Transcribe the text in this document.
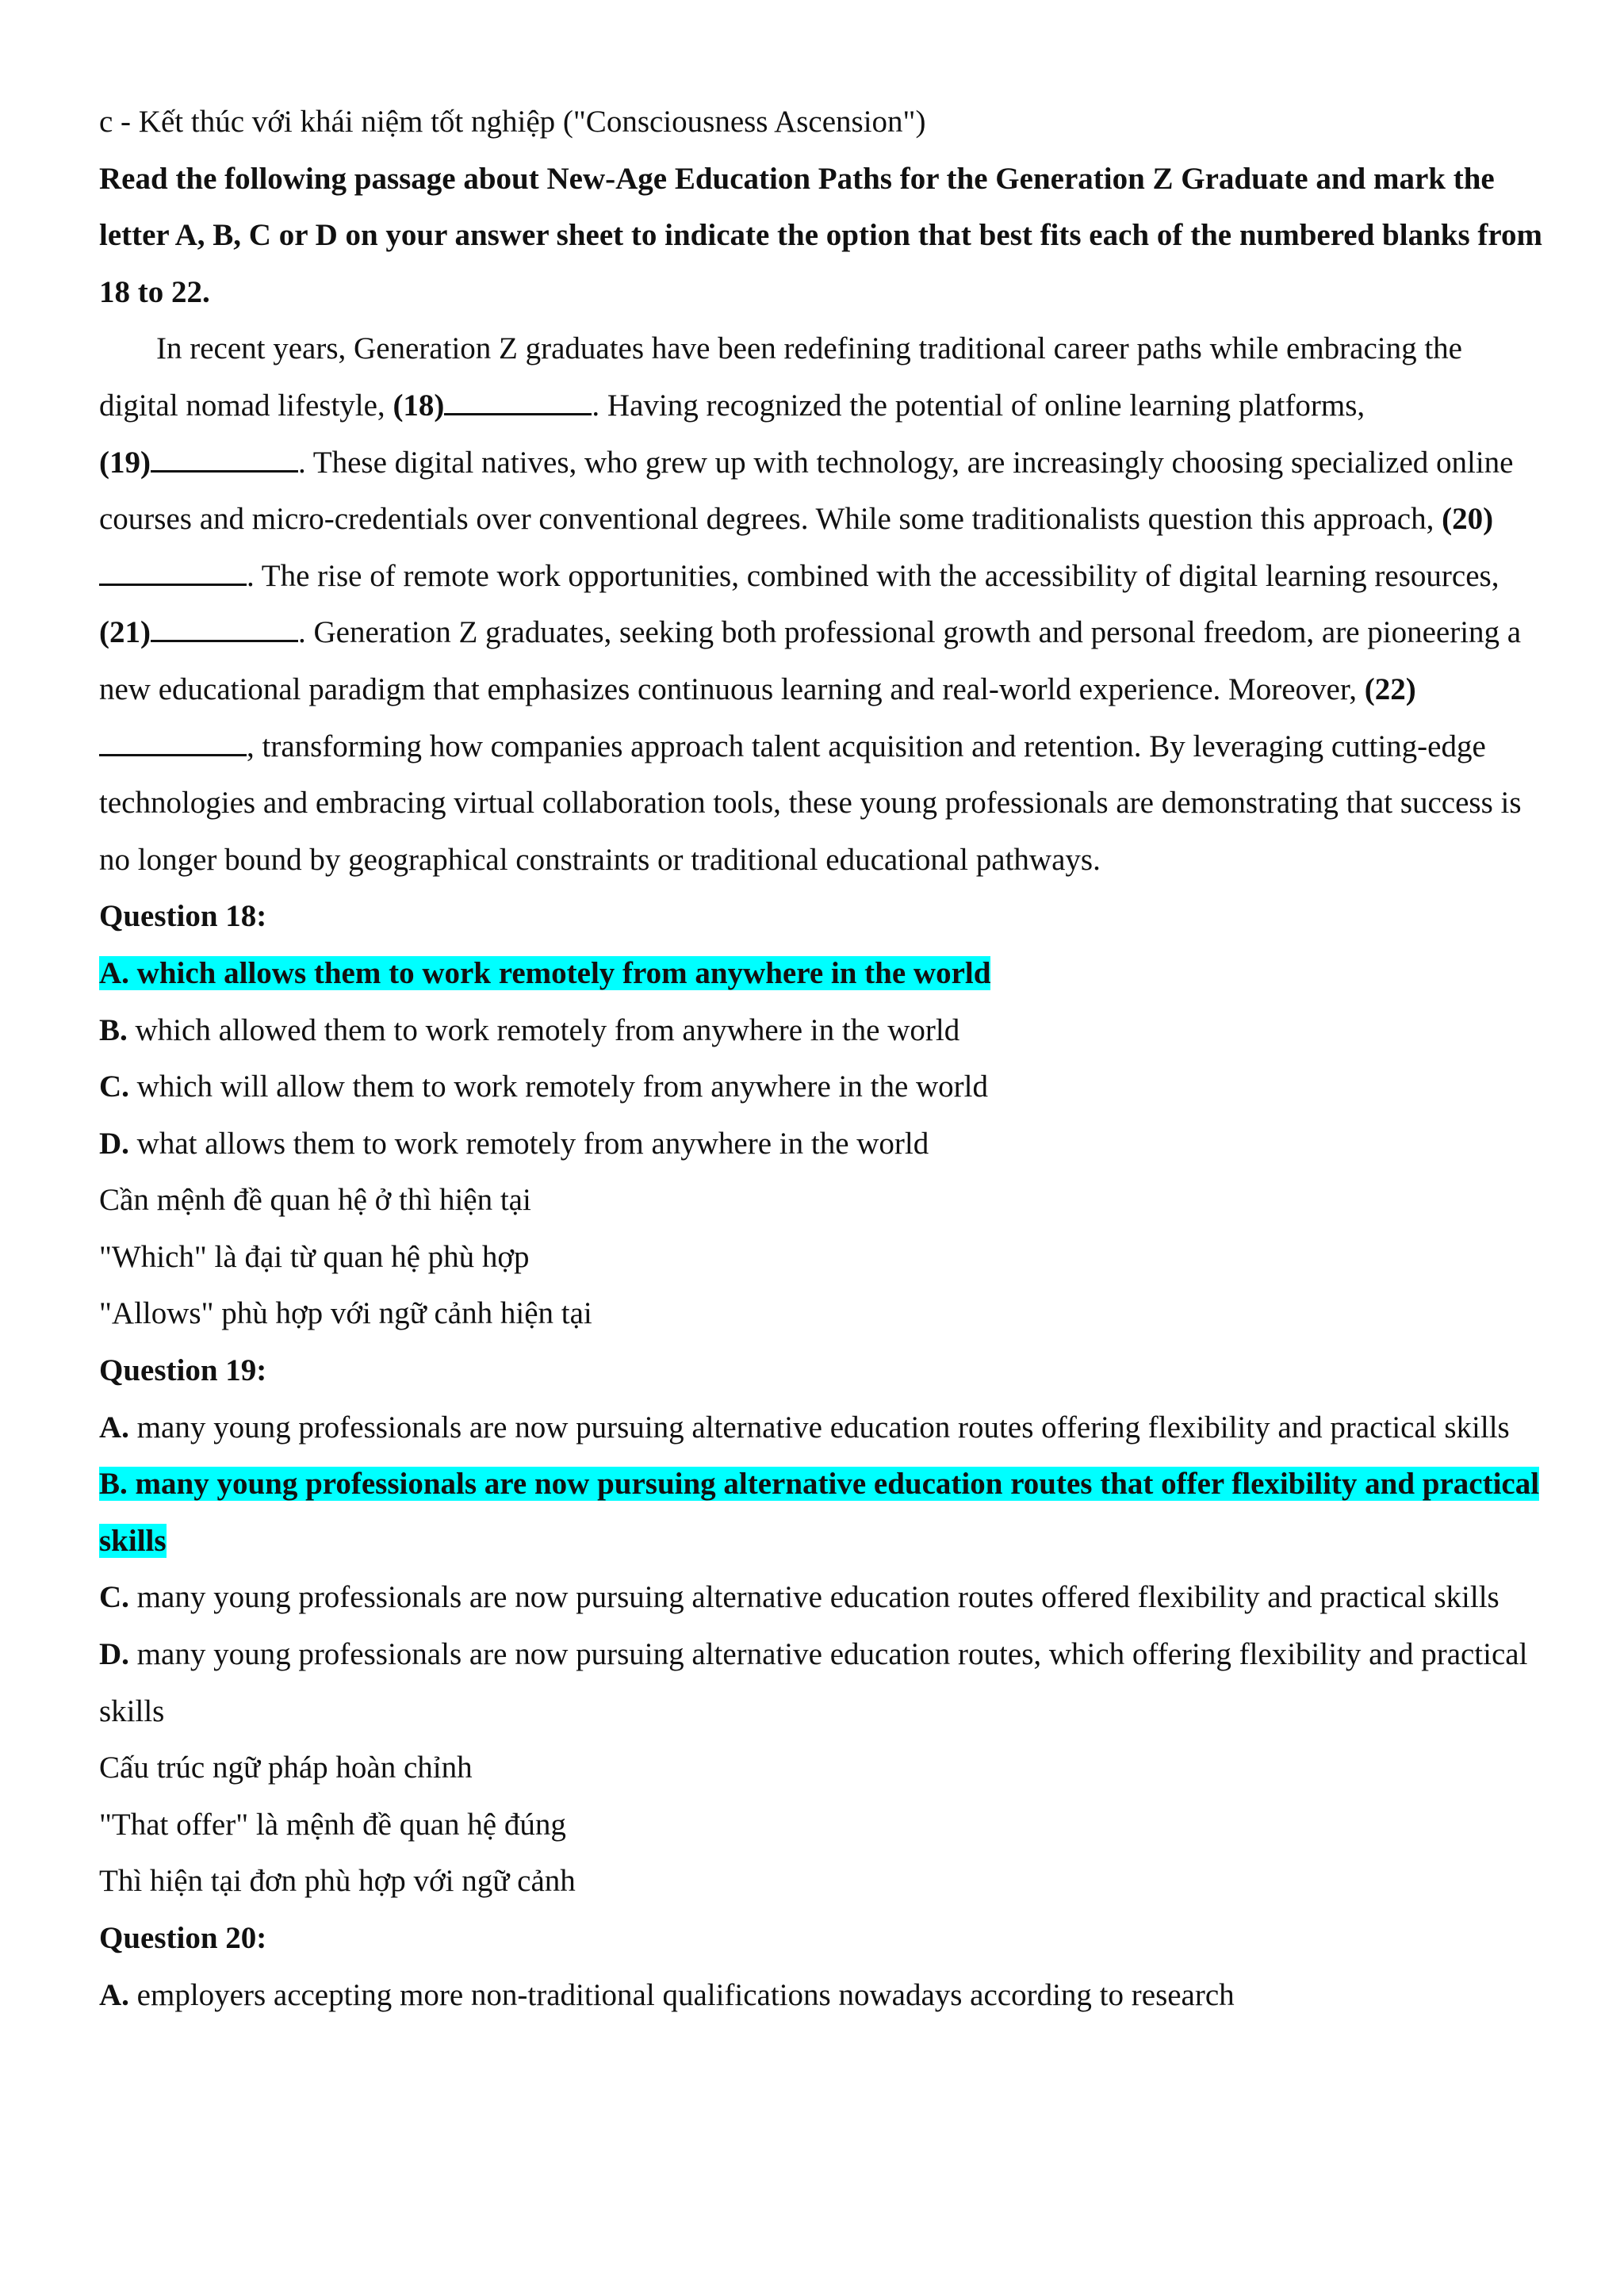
c - Kết thúc với khái niệm tốt nghiệp ("Consciousness Ascension")

Read the following passage about New-Age Education Paths for the Generation Z Graduate and mark the letter A, B, C or D on your answer sheet to indicate the option that best fits each of the numbered blanks from 18 to 22.

In recent years, Generation Z graduates have been redefining traditional career paths while embracing the digital nomad lifestyle, (18)	. Having recognized the potential of online learning platforms,
(19)	. These digital natives, who grew up with technology, are increasingly choosing specialized online courses and micro-credentials over conventional degrees. While some traditionalists question this approach, (20). The rise of remote work opportunities, combined with the accessibility of digital learning resources, (21)	. Generation Z graduates, seeking both professional growth and personal freedom, are pioneering a new educational paradigm that emphasizes continuous learning and real-world experience. Moreover, (22), transforming how companies approach talent acquisition and retention. By leveraging cutting-edge technologies and embracing virtual collaboration tools, these young professionals are demonstrating that success is no longer bound by geographical constraints or traditional educational pathways.

Question 18:

A. which allows them to work remotely from anywhere in the world

B. which allowed them to work remotely from anywhere in the world

C. which will allow them to work remotely from anywhere in the world

D. what allows them to work remotely from anywhere in the world

Cần mệnh đề quan hệ ở thì hiện tại

"Which" là đại từ quan hệ phù hợp

"Allows" phù hợp với ngữ cảnh hiện tại

Question 19:

A. many young professionals are now pursuing alternative education routes offering flexibility and practical skills

B. many young professionals are now pursuing alternative education routes that offer flexibility and practical skills

C. many young professionals are now pursuing alternative education routes offered flexibility and practical skills

D. many young professionals are now pursuing alternative education routes, which offering flexibility and practical skills

Cấu trúc ngữ pháp hoàn chỉnh

"That offer" là mệnh đề quan hệ đúng

Thì hiện tại đơn phù hợp với ngữ cảnh

Question 20:

A. employers accepting more non-traditional qualifications nowadays according to research
